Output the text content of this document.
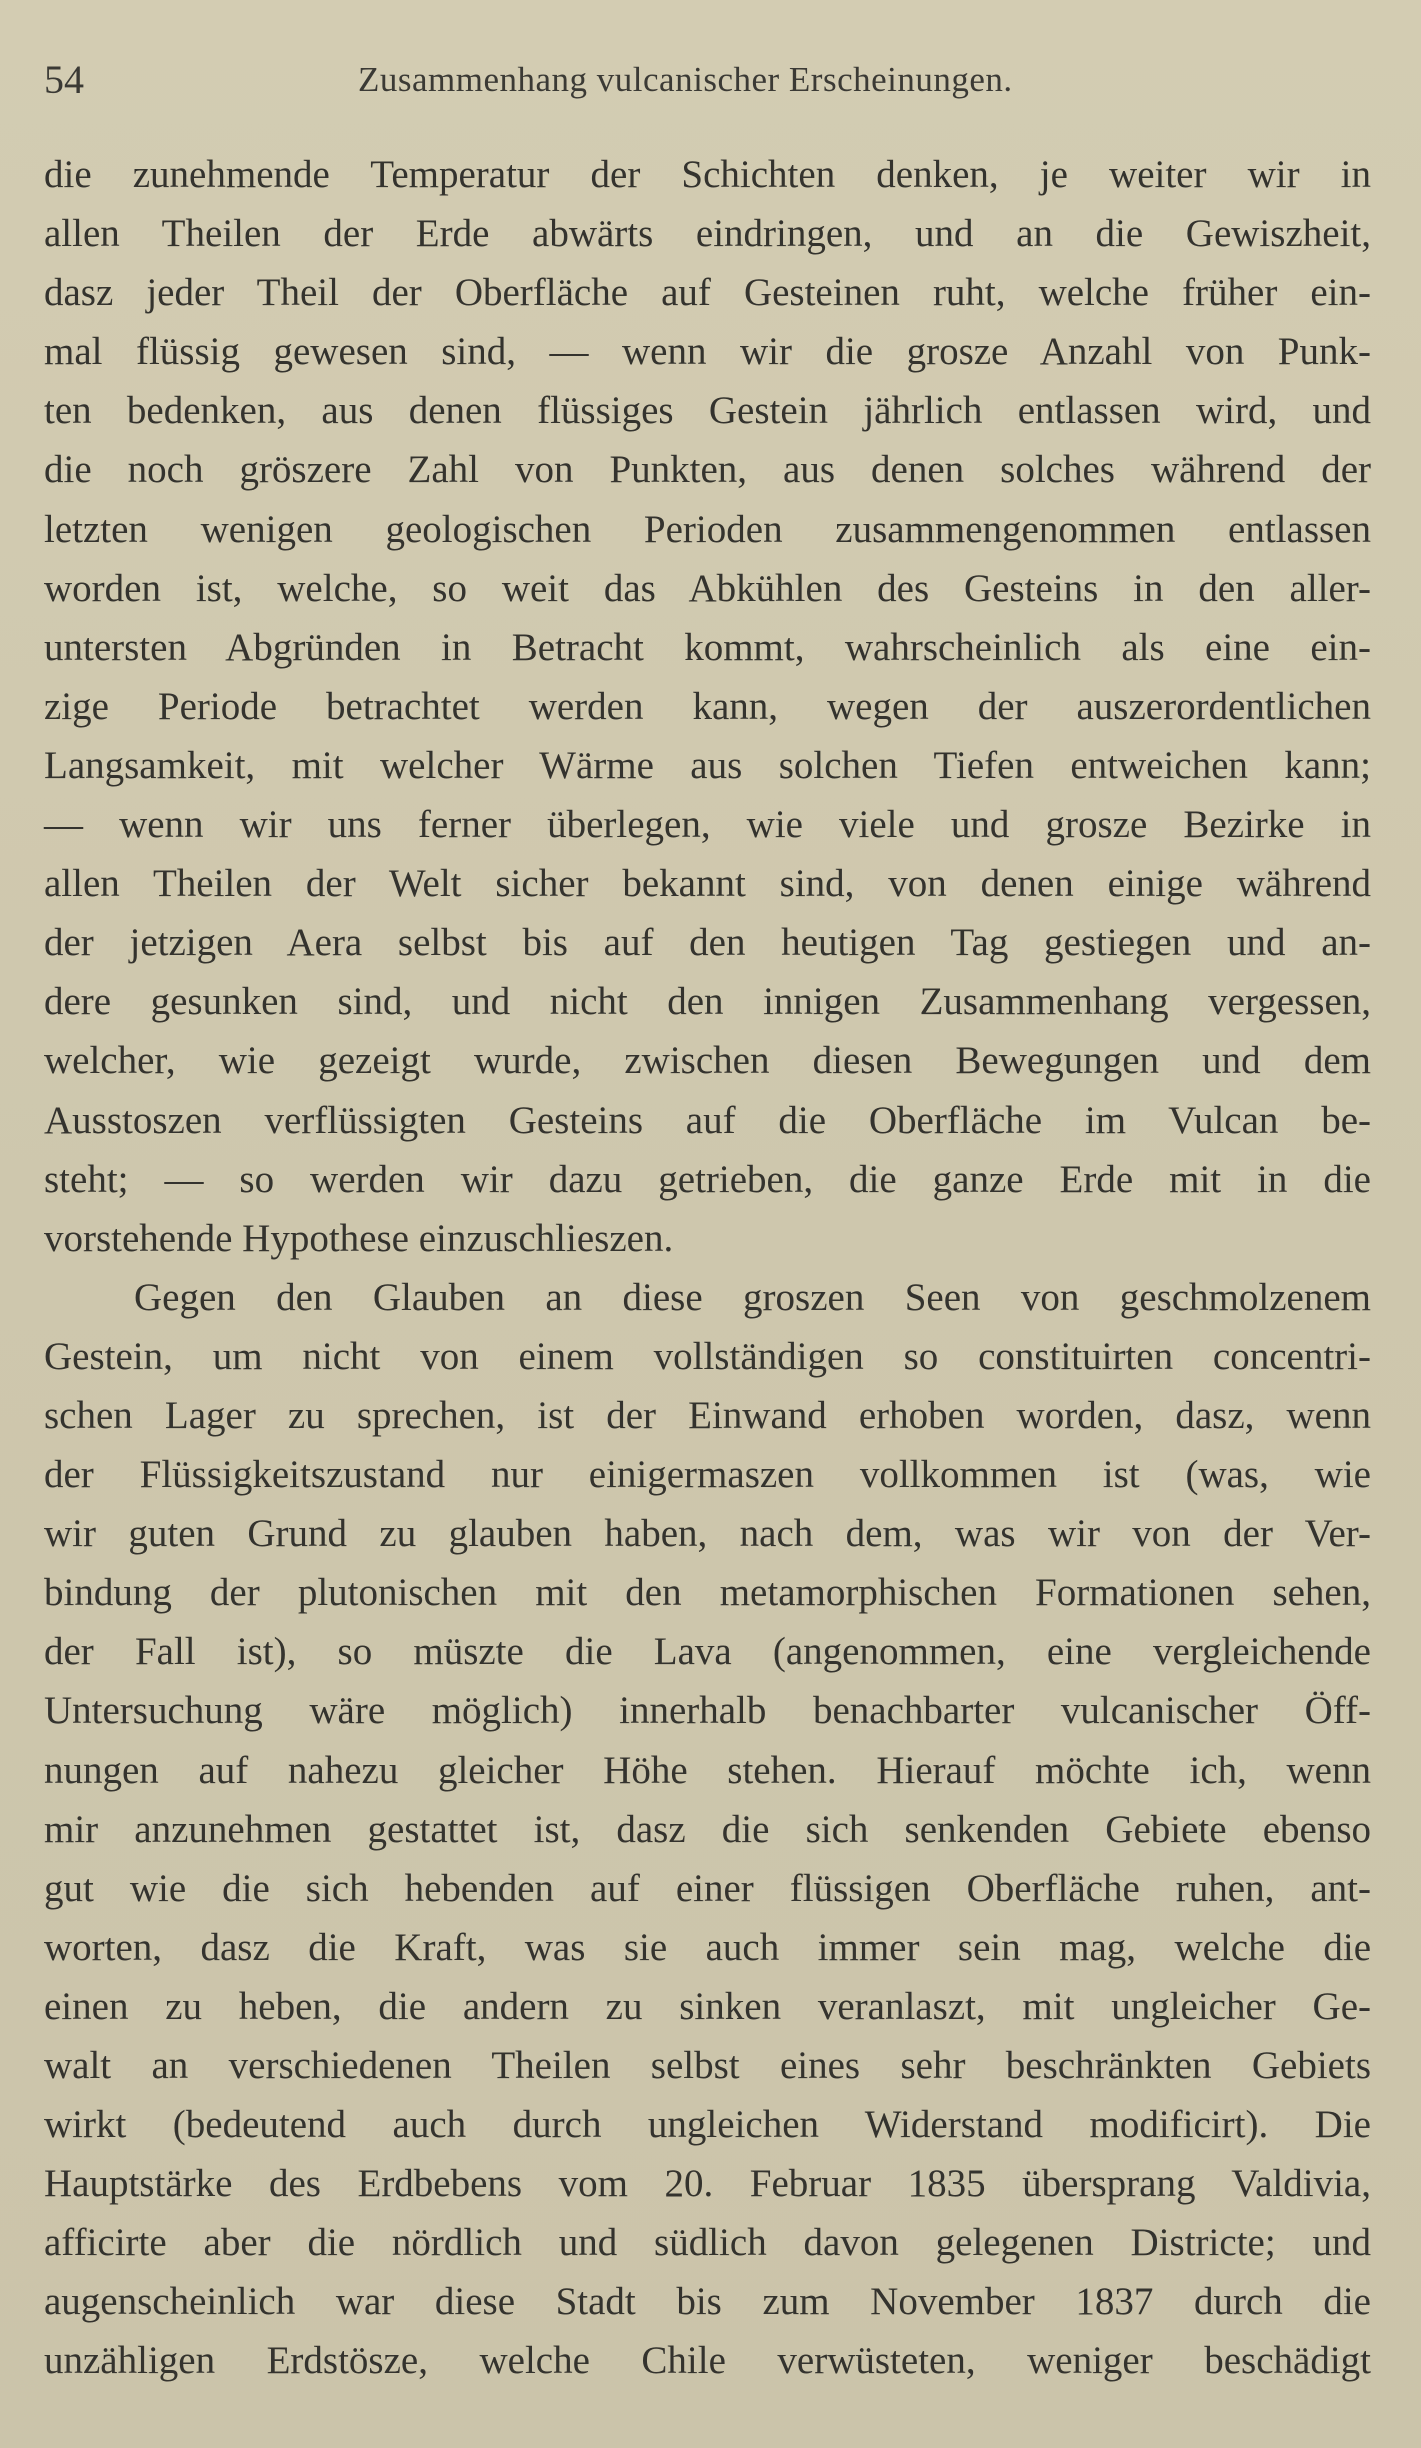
54	Zusammenhang vulcanischer Erscheinungen.
die zunehmende Temperatur der Schichten denken, je weiter wir in
allen Theilen der Erde abwärts eindringen, und an die Gewiszheit,
dasz jeder Theil der Oberfläche auf Gesteinen ruht, welche früher ein-
mal flüssig gewesen sind, — wenn wir die grosze Anzahl von Punk-
ten bedenken, aus denen flüssiges Gestein jährlich entlassen wird, und
die noch gröszere Zahl von Punkten, aus denen solches während der
letzten wenigen geologischen Perioden zusammengenommen entlassen
worden ist, welche, so weit das Abkühlen des Gesteins in den aller-
untersten Abgründen in Betracht kommt, wahrscheinlich als eine ein-
zige Periode betrachtet werden kann, wegen der auszerordentlichen
Langsamkeit, mit welcher Wärme aus solchen Tiefen entweichen kann;
— wenn wir uns ferner überlegen, wie viele und grosze Bezirke in
allen Theilen der Welt sicher bekannt sind, von denen einige während
der jetzigen Aera selbst bis auf den heutigen Tag gestiegen und an-
dere gesunken sind, und nicht den innigen Zusammenhang vergessen,
welcher, wie gezeigt wurde, zwischen diesen Bewegungen und dem
Ausstoszen verflüssigten Gesteins auf die Oberfläche im Vulcan be-
steht; — so werden wir dazu getrieben, die ganze Erde mit in die
vorstehende Hypothese einzuschlieszen.
Gegen den Glauben an diese groszen Seen von geschmolzenem
Gestein, um nicht von einem vollständigen so constituirten concentri-
schen Lager zu sprechen, ist der Einwand erhoben worden, dasz, wenn
der Flüssigkeitszustand nur einigermaszen vollkommen ist (was, wie
wir guten Grund zu glauben haben, nach dem, was wir von der Ver-
bindung der plutonischen mit den metamorphischen Formationen sehen,
der Fall ist), so müszte die Lava (angenommen, eine vergleichende
Untersuchung wäre möglich) innerhalb benachbarter vulcanischer Öff-
nungen auf nahezu gleicher Höhe stehen. Hierauf möchte ich, wenn
mir anzunehmen gestattet ist, dasz die sich senkenden Gebiete ebenso
gut wie die sich hebenden auf einer flüssigen Oberfläche ruhen, ant-
worten, dasz die Kraft, was sie auch immer sein mag, welche die
einen zu heben, die andern zu sinken veranlaszt, mit ungleicher Ge-
walt an verschiedenen Theilen selbst eines sehr beschränkten Gebiets
wirkt (bedeutend auch durch ungleichen Widerstand modificirt). Die
Hauptstärke des Erdbebens vom 20. Februar 1835 übersprang Valdivia,
afficirte aber die nördlich und südlich davon gelegenen Districte; und
augenscheinlich war diese Stadt bis zum November 1837 durch die
unzähligen Erdstösze, welche Chile verwüsteten, weniger beschädigt
